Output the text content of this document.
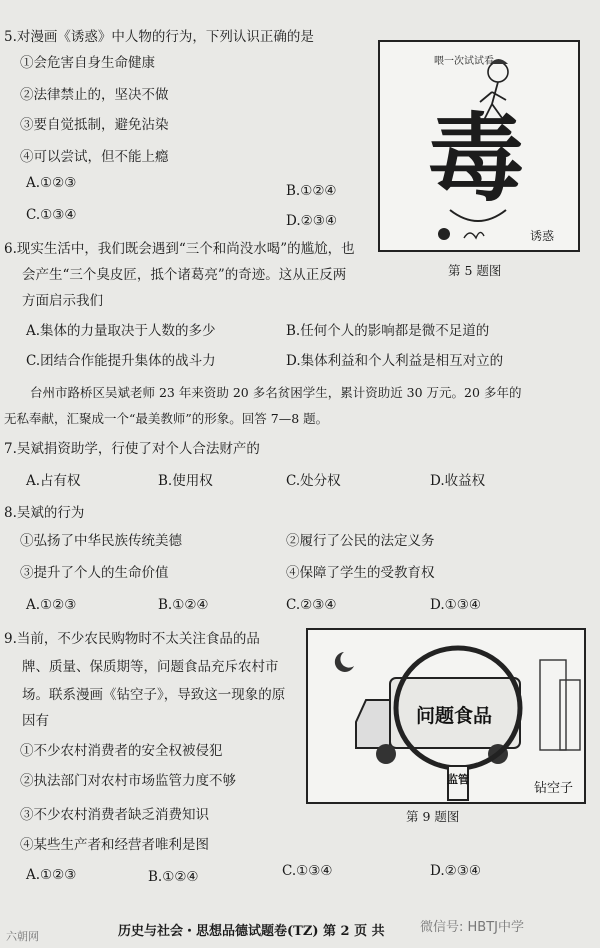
5.对漫画《诱惑》中人物的行为，下列认识正确的是
①会危害自身生命健康
②法律禁止的，坚决不做
③要自觉抵制，避免沾染
④可以尝试，但不能上瘾
A.①②③	B.①②④
C.①③④	D.②③④
毒
喂一次试试看
诱惑
第 5 题图
6.现实生活中，我们既会遇到“三个和尚没水喝”的尴尬，也
会产生“三个臭皮匠，抵个诸葛亮”的奇迹。这从正反两
方面启示我们
A.集体的力量取决于人数的多少	B.任何个人的影响都是微不足道的
C.团结合作能提升集体的战斗力	D.集体利益和个人利益是相互对立的
台州市路桥区吴斌老师 23 年来资助 20 多名贫困学生，累计资助近 30 万元。20 多年的
无私奉献，汇聚成一个“最美教师”的形象。回答 7—8 题。
7.吴斌捐资助学，行使了对个人合法财产的
A.占有权	B.使用权	C.处分权	D.收益权
8.吴斌的行为
①弘扬了中华民族传统美德	②履行了公民的法定义务
③提升了个人的生命价值	④保障了学生的受教育权
A.①②③	B.①②④	C.②③④	D.①③④
9.当前，不少农民购物时不太关注食品的品
牌、质量、保质期等，问题食品充斥农村市
场。联系漫画《钻空子》，导致这一现象的原
因有
①不少农村消费者的安全权被侵犯
②执法部门对农村市场监管力度不够
③不少农村消费者缺乏消费知识
④某些生产者和经营者唯利是图
A.①②③	B.①②④	C.①③④	D.②③④
问题食品
监管
钻空子
第 9 题图
历史与社会・思想品德试题卷(TZ) 第 2 页 共
六朝网
微信号: HBTJ中学
